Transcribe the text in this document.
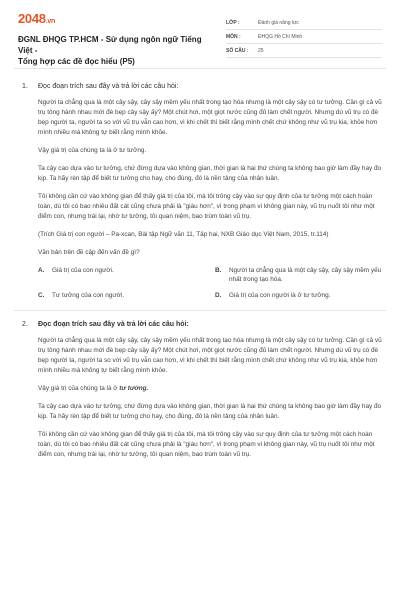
2048.vn
ĐGNL ĐHQG TP.HCM - Sử dụng ngôn ngữ Tiếng Việt -
Tổng hợp các đề đọc hiểu (P5)
LỚP :	Đánh giá năng lực
MÔN :	ĐHQG Hồ Chí Minh
SỐ CÂU :	25
1.	Đọc đoạn trích sau đây và trả lời các câu hỏi:

Người ta chẳng qua là một cây sậy, cây sậy mềm yếu nhất trong tạo hóa nhưng là một cây sậy có tư tưởng. Cần gì cả vũ trụ tông hành nhau mới đè bẹp cây sậy ấy? Một chút hơi, một giọt nước cũng đủ làm chết người. Nhưng dù vũ trụ có đè bẹp người ta, người ta so với vũ trụ vẫn cao hơn, vì khi chết thì biết rằng mình chết chứ không như vũ trụ kia, khỏe hơn mình nhiều mà không tự biết rằng mình khỏe.

Vậy giá trị của chúng ta là ở tư tưởng.

Ta cậy cao dựa vào tư tưởng, chứ đừng dựa vào không gian, thời gian là hai thứ chúng ta không bao giờ làm đầy hay đo kịp. Ta hãy rèn tập để biết tư tưởng cho hay, cho đúng, đó là nền tảng của nhân luân.

Tôi không cần cứ vào không gian để thấy giá trị của tôi, mà tôi trông cậy vào sự quy định của tư tưởng một cách hoàn toàn, dù tôi có bao nhiêu đất cát cũng chưa phải là "giàu hơn", vì trong phạm vi không gian này, vũ trụ nuốt tôi như một điểm con, nhưng trái lại, nhờ tư tưởng, tôi quan niệm, bao trùm toàn vũ trụ.

(Trích Giá trị con người – Pa-xcan, Bài tập Ngữ văn 11, Tập hai, NXB Giáo dục Việt Nam, 2015, tr.114)

Văn bản trên đề cập đến vấn đề gì?

A.	Giá trị của con người.	B.	Người ta chẳng qua là một cây sậy, cây sậy mềm yếu nhất trong tạo hóa.
C.	Tư tưởng của con người.	D.	Giá trị của con người là ở tư tưởng.
2.	Đọc đoạn trích sau đây và trả lời các câu hỏi:

Người ta chẳng qua là một cây sậy, cây sậy mềm yếu nhất trong tạo hóa nhưng là một cây sậy có tư tưởng. Cần gì cả vũ trụ tông hành nhau mới đè bẹp cây sậy ấy? Một chút hơi, một giọt nước cũng đủ làm chết người. Nhưng dù vũ trụ có đè bẹp người ta, người ta so với vũ trụ vẫn cao hơn, vì khi chết thì biết rằng mình chết chứ không như vũ trụ kia, khỏe hơn mình nhiều mà không tự biết rằng mình khỏe.

Vậy giá trị của chúng ta là ở tư tưởng.

Ta cậy cao dựa vào tư tưởng, chứ đừng dựa vào không gian, thời gian là hai thứ chúng ta không bao giờ làm đầy hay đo kịp. Ta hãy rèn tập để biết tư tưởng cho hay, cho đúng, đó là nền tảng của nhân luân.

Tôi không cần cứ vào không gian để thấy giá trị của tôi, mà tôi trông cậy vào sự quy định của tư tưởng một cách hoàn toàn, dù tôi có bao nhiêu đất cát cũng chưa phải là "giàu hơn", vì trong phạm vi không gian này, vũ trụ nuốt tôi như một điểm con, nhưng trái lại, nhờ tư tưởng, tôi quan niệm, bao trùm toàn vũ trụ.
